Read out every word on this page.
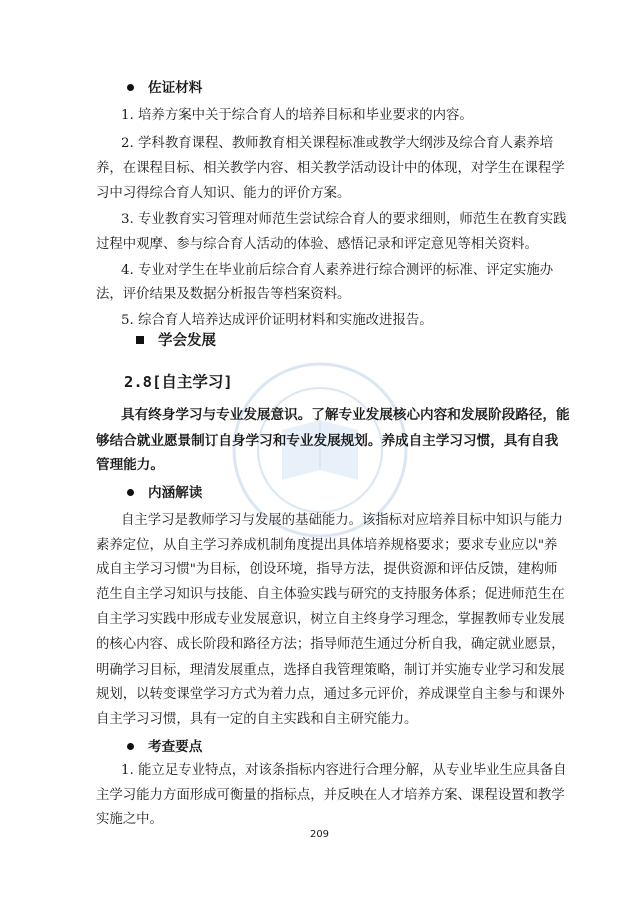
佐证材料
1. 培养方案中关于综合育人的培养目标和毕业要求的内容。
2. 学科教育课程、教师教育相关课程标准或教学大纲涉及综合育人素养培
养，在课程目标、相关教学内容、相关教学活动设计中的体现，对学生在课程学
习中习得综合育人知识、能力的评价方案。
3. 专业教育实习管理对师范生尝试综合育人的要求细则，师范生在教育实践
过程中观摩、参与综合育人活动的体验、感悟记录和评定意见等相关资料。
4. 专业对学生在毕业前后综合育人素养进行综合测评的标准、评定实施办
法，评价结果及数据分析报告等档案资料。
5. 综合育人培养达成评价证明材料和实施改进报告。
学会发展
2.8[自主学习]
具有终身学习与专业发展意识。了解专业发展核心内容和发展阶段路径，能
够结合就业愿景制订自身学习和专业发展规划。养成自主学习习惯，具有自我
管理能力。
内涵解读
自主学习是教师学习与发展的基础能力。该指标对应培养目标中知识与能力
素养定位，从自主学习养成机制角度提出具体培养规格要求；要求专业应以"养
成自主学习习惯"为目标，创设环境，指导方法，提供资源和评估反馈，建构师
范生自主学习知识与技能、自主体验实践与研究的支持服务体系；促进师范生在
自主学习实践中形成专业发展意识，树立自主终身学习理念，掌握教师专业发展
的核心内容、成长阶段和路径方法；指导师范生通过分析自我，确定就业愿景，
明确学习目标，理清发展重点，选择自我管理策略，制订并实施专业学习和发展
规划，以转变课堂学习方式为着力点，通过多元评价，养成课堂自主参与和课外
自主学习习惯，具有一定的自主实践和自主研究能力。
考查要点
1. 能立足专业特点，对该条指标内容进行合理分解，从专业毕业生应具备自
主学习能力方面形成可衡量的指标点，并反映在人才培养方案、课程设置和教学
实施之中。
209
